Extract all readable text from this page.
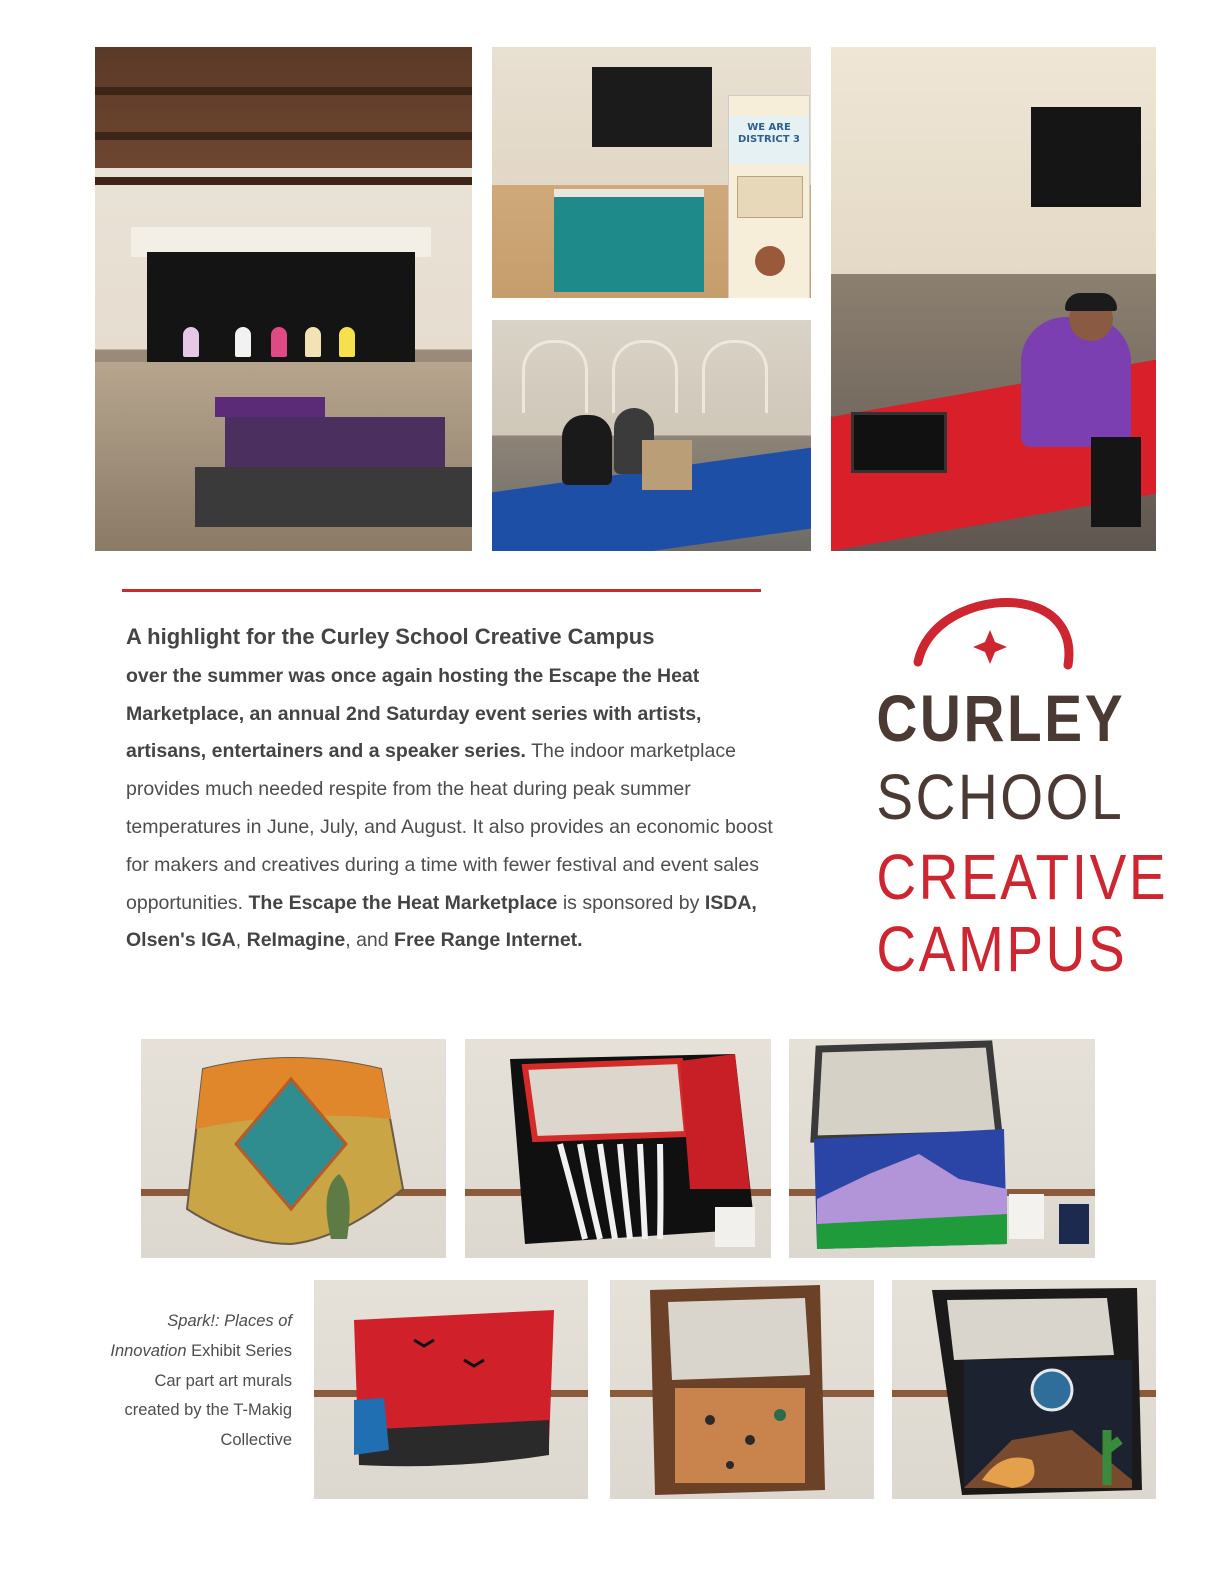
WE ARE DISTRICT 3
A highlight for the Curley School Creative Campus
over the summer was once again hosting the Escape the Heat Marketplace, an annual 2nd Saturday event series with artists, artisans, entertainers and a speaker series. The indoor marketplace provides much needed respite from the heat during peak summer temperatures in June, July, and August. It also provides an economic boost for makers and creatives during a time with fewer festival and event sales opportunities. The Escape the Heat Marketplace is sponsored by ISDA, Olsen's IGA, ReImagine, and Free Range Internet.
CURLEY
SCHOOL
CREATIVE
CAMPUS
Spark!: Places of Innovation Exhibit Series Car part art murals created by the T-Makig Collective
